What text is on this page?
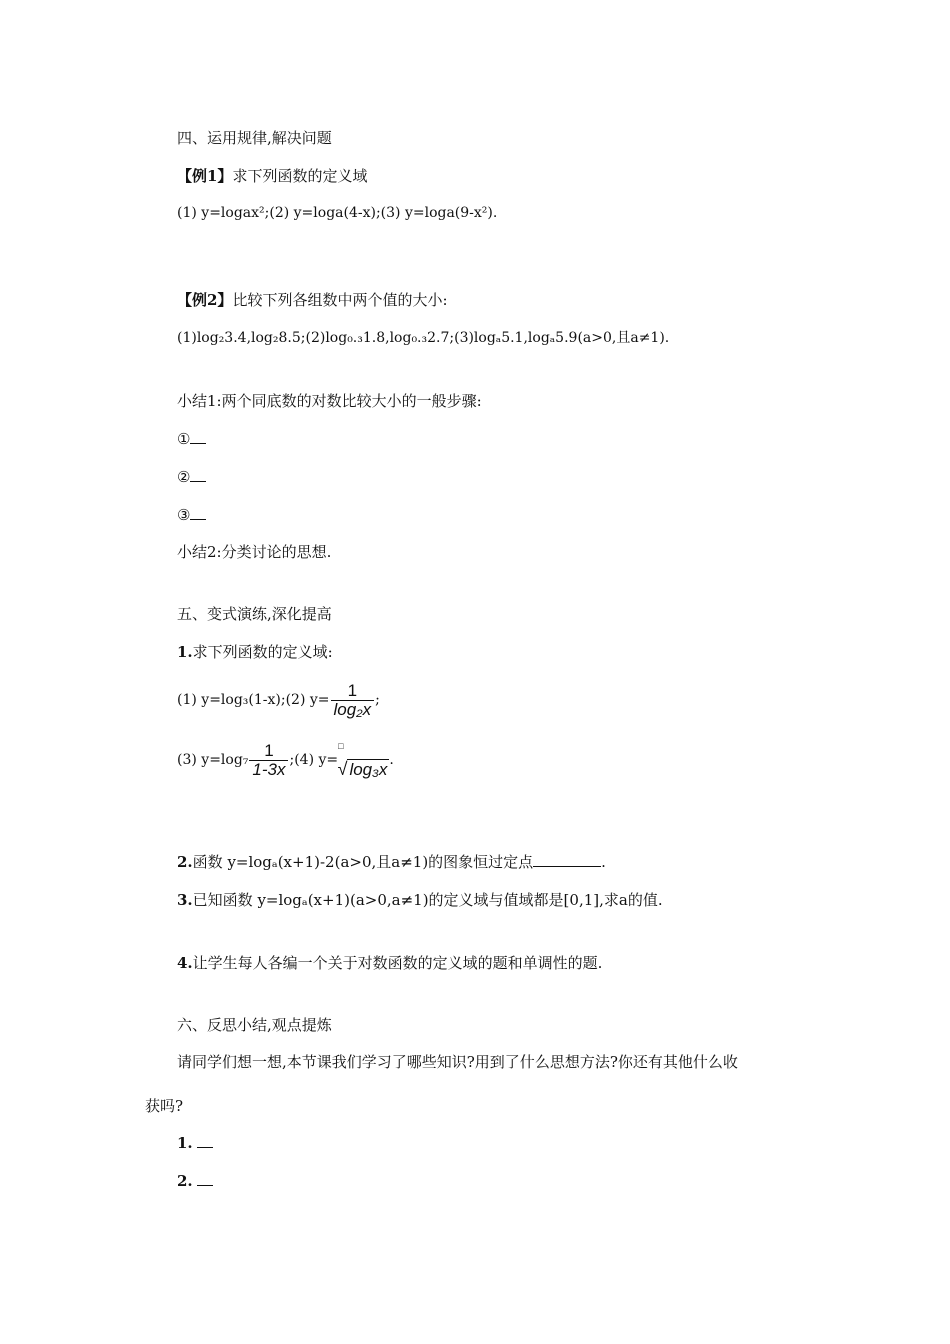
四、运用规律,解决问题
【例1】求下列函数的定义域
(1) y=logax²;(2) y=loga(4-x);(3) y=loga(9-x²).
【例2】比较下列各组数中两个值的大小:
(1)log₂3.4,log₂8.5;(2)log₀.₃1.8,log₀.₃2.7;(3)logₐ5.1,logₐ5.9(a>0,且a≠1).
小结1:两个同底数的对数比较大小的一般步骤:
①
②
③
小结2:分类讨论的思想.
五、变式演练,深化提高
1.求下列函数的定义域:
(1) y=log₃(1-x);(2) $y= \frac{1}{\text{log₂x}}$ ;
(3) $y=\log_7 \frac{1}{1-3x}$ ;(4) y=
□
√ log₃x .
2.函数 y=logₐ(x+1)-2(a>0,且a≠1)的图象恒过定点	.
3.已知函数 y=logₐ(x+1)(a>0,a≠1)的定义域与值域都是[0,1],求a的值.
4.让学生每人各编一个关于对数函数的定义域的题和单调性的题.
六、反思小结,观点提炼
请同学们想一想,本节课我们学习了哪些知识?用到了什么思想方法?你还有其他什么收
获吗?
1.
2.
